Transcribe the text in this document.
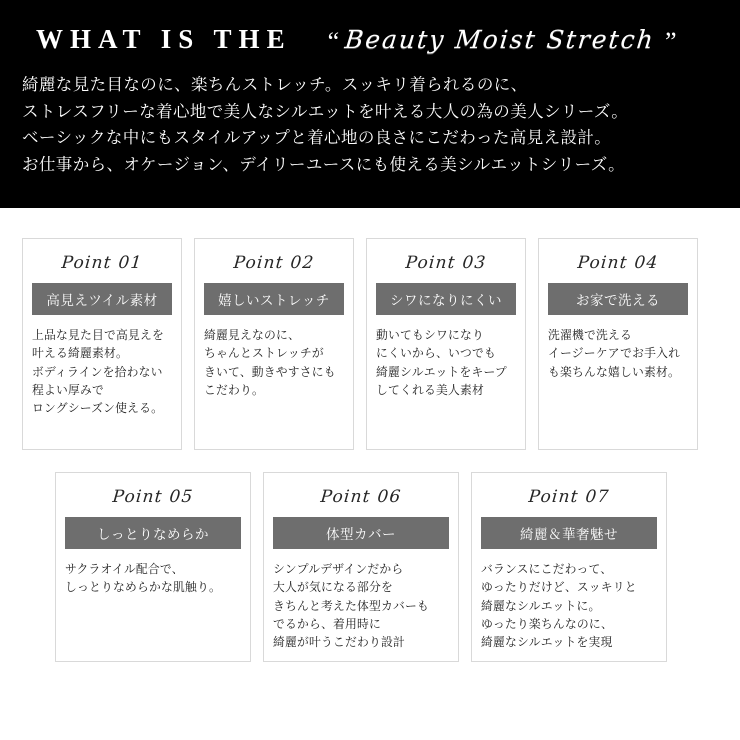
WHAT IS THE “ Beauty Moist Stretch ”
綺麗な見た目なのに、楽ちんストレッチ。スッキリ着られるのに、
ストレスフリーな着心地で美人なシルエットを叶える大人の為の美人シリーズ。
ベーシックな中にもスタイルアップと着心地の良さにこだわった高見え設計。
お仕事から、オケージョン、デイリーユースにも使える美シルエットシリーズ。
Point 01
高見えツイル素材
上品な見た目で高見えを
叶える綺麗素材。
ボディラインを拾わない
程よい厚みで
ロングシーズン使える。
Point 02
嬉しいストレッチ
綺麗見えなのに、
ちゃんとストレッチが
きいて、動きやすさにも
こだわり。
Point 03
シワになりにくい
動いてもシワになり
にくいから、いつでも
綺麗シルエットをキープ
してくれる美人素材
Point 04
お家で洗える
洗濯機で洗える
イージーケアでお手入れ
も楽ちんな嬉しい素材。
Point 05
しっとりなめらか
サクラオイル配合で、
しっとりなめらかな肌触り。
Point 06
体型カバー
シンプルデザインだから
大人が気になる部分を
きちんと考えた体型カバーも
でるから、着用時に
綺麗が叶うこだわり設計
Point 07
綺麗＆華奢魅せ
バランスにこだわって、
ゆったりだけど、スッキリと
綺麗なシルエットに。
ゆったり楽ちんなのに、
綺麗なシルエットを実現
